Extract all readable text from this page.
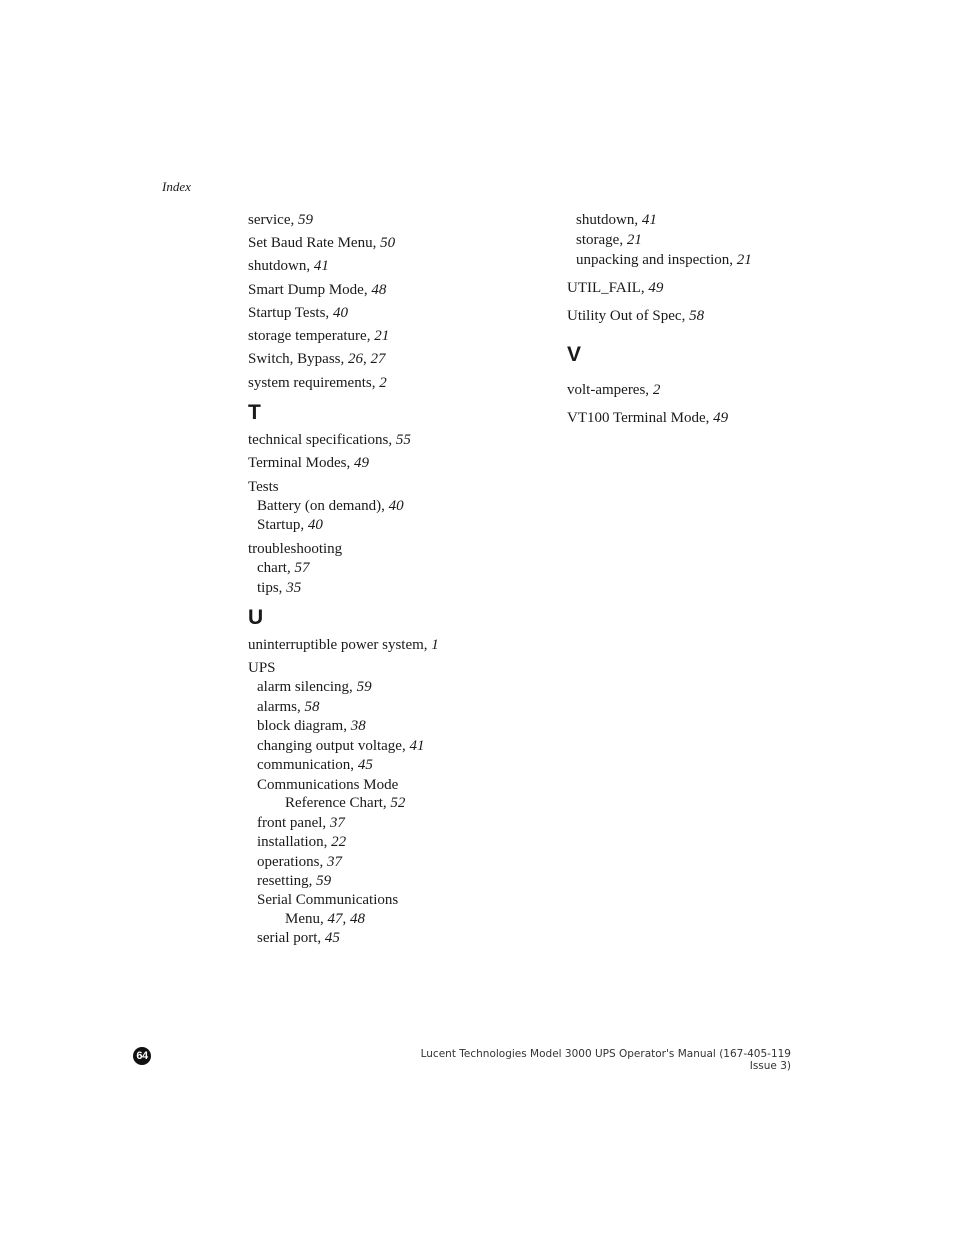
Index
service, 59
Set Baud Rate Menu, 50
shutdown, 41
Smart Dump Mode, 48
Startup Tests, 40
storage temperature, 21
Switch, Bypass, 26, 27
system requirements, 2
T
technical specifications, 55
Terminal Modes, 49
Tests
Battery (on demand), 40
Startup, 40
troubleshooting
chart, 57
tips, 35
U
uninterruptible power system, 1
UPS
alarm silencing, 59
alarms, 58
block diagram, 38
changing output voltage, 41
communication, 45
Communications Mode
Reference Chart, 52
front panel, 37
installation, 22
operations, 37
resetting, 59
Serial Communications
Menu, 47, 48
serial port, 45
shutdown, 41
storage, 21
unpacking and inspection, 21
UTIL_FAIL, 49
Utility Out of Spec, 58
V
volt-amperes, 2
VT100 Terminal Mode, 49
64	Lucent Technologies Model 3000 UPS Operator's Manual (167-405-119 Issue 3)
